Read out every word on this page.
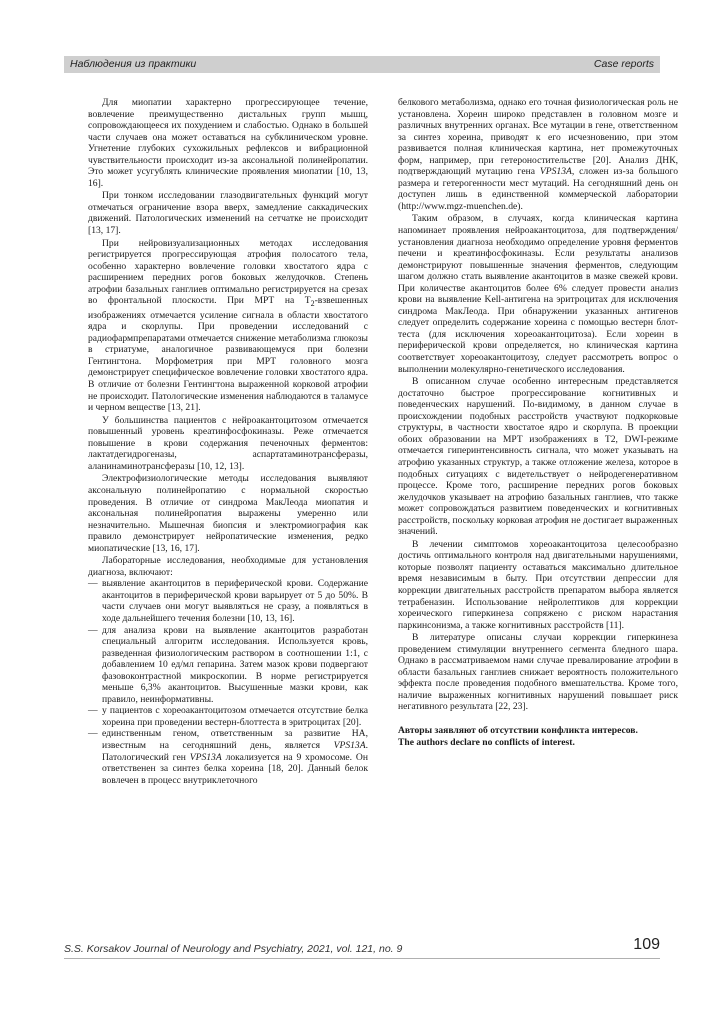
Наблюдения из практики	Case reports

Для миопатии характерно прогрессирующее течение, вовлечение преимущественно дистальных групп мышц, сопровождающееся их похудением и слабостью. Однако в большей части случаев она может оставаться на субклиническом уровне. Угнетение глубоких сухожильных рефлексов и вибрационной чувствительности происходит из-за аксональной полинейропатии. Это может усугублять клинические проявления миопатии [10, 13, 16].

При тонком исследовании глазодвигательных функций могут отмечаться ограничение взора вверх, замедление саккадических движений. Патологических изменений на сетчатке не происходит [13, 17].

При нейровизуализационных методах исследования регистрируется прогрессирующая атрофия полосатого тела, особенно характерно вовлечение головки хвостатого ядра с расширением передних рогов боковых желудочков. Степень атрофии базальных ганглиев оптимально регистрируется на срезах во фронтальной плоскости. При МРТ на $T_2$-взвешенных изображениях отмечается усиление сигнала в области хвостатого ядра и скорлупы. При проведении исследований с радиофармпрепаратами отмечается снижение метаболизма глюкозы в стриатуме, аналогичное развивающемуся при болезни Гентингтона. Морфометрия при МРТ головного мозга демонстрирует специфическое вовлечение головки хвостатого ядра. В отличие от болезни Гентингтона выраженной корковой атрофии не происходит. Патологические изменения наблюдаются в таламусе и черном веществе [13, 21].

У большинства пациентов с нейроакантоцитозом отмечается повышенный уровень креатинфосфокиназы. Реже отмечается повышение в крови содержания печеночных ферментов: лактатдегидрогеназы, аспартатаминотрансферазы, аланинаминотрансферазы [10, 12, 13].

Электрофизиологические методы исследования выявляют аксональную полинейропатию с нормальной скоростью проведения. В отличие от синдрома МакЛеода миопатия и аксональная полинейропатия выражены умеренно или незначительно. Мышечная биопсия и электромиография как правило демонстрирует нейропатические изменения, редко миопатические [13, 16, 17].

Лабораторные исследования, необходимые для установления диагноза, включают:

— выявление акантоцитов в периферической крови. Содержание акантоцитов в периферической крови варьирует от 5 до 50%. В части случаев они могут выявляться не сразу, а появляться в ходе дальнейшего течения болезни [10, 13, 16].
— для анализа крови на выявление акантоцитов разработан специальный алгоритм исследования. Используется кровь, разведенная физиологическим раствором в соотношении 1:1, с добавлением 10 ед/мл гепарина. Затем мазок крови подвергают фазовоконтрастной микроскопии. В норме регистрируется меньше 6,3% акантоцитов. Высушенные мазки крови, как правило, неинформативны.
— у пациентов с хореоакантоцитозом отмечается отсутствие белка хореина при проведении вестерн-блоттеста в эритроцитах [20].
— единственным геном, ответственным за развитие НА, известным на сегодняшний день, является VPS13A. Патологический ген VPS13A локализуется на 9 хромосоме. Он ответственен за синтез белка хореина [18, 20]. Данный белок вовлечен в процесс внутриклеточного

белкового метаболизма, однако его точная физиологическая роль не установлена. Хореин широко представлен в головном мозге и различных внутренних органах. Все мутации в гене, ответственном за синтез хореина, приводят к его исчезновению, при этом развивается полная клиническая картина, нет промежуточных форм, например, при гетероностительстве [20]. Анализ ДНК, подтверждающий мутацию гена VPS13A, сложен из-за большого размера и гетерогенности мест мутаций. На сегодняшний день он доступен лишь в единственной коммерческой лаборатории (http://www.mgz-muenchen.de).

Таким образом, в случаях, когда клиническая картина напоминает проявления нейроакантоцитоза, для подтверждения/установления диагноза необходимо определение уровня ферментов печени и креатинфосфокиназы. Если результаты анализов демонстрируют повышенные значения ферментов, следующим шагом должно стать выявление акантоцитов в мазке свежей крови. При количестве акантоцитов более 6% следует провести анализ крови на выявление Kell-антигена на эритроцитах для исключения синдрома МакЛеода. При обнаружении указанных антигенов следует определить содержание хореина с помощью вестерн блот-теста (для исключения хореоакантоцитоза). Если хореин в периферической крови определяется, но клиническая картина соответствует хореоакантоцитозу, следует рассмотреть вопрос о выполнении молекулярно-генетического исследования.

В описанном случае особенно интересным представляется достаточно быстрое прогрессирование когнитивных и поведенческих нарушений. По-видимому, в данном случае в происхождении подобных расстройств участвуют подкорковые структуры, в частности хвостатое ядро и скорлупа. В проекции обоих образовании на МРТ изображениях в T2, DWI-режиме отмечается гиперинтенсивность сигнала, что может указывать на атрофию указанных структур, а также отложение железа, которое в подобных ситуациях с видетельствует о нейродегенеративном процессе. Кроме того, расширение передних рогов боковых желудочков указывает на атрофию базальных ганглиев, что также может сопровождаться развитием поведенческих и когнитивных расстройств, поскольку корковая атрофия не достигает выраженных значений.

В лечении симптомов хореоакантоцитоза целесообразно достичь оптимального контроля над двигательными нарушениями, которые позволят пациенту оставаться максимально длительное время независимым в быту. При отсутствии депрессии для коррекции двигательных расстройств препаратом выбора является тетрабеназин. Использование нейролептиков для коррекции хореического гиперкинеза сопряжено с риском нарастания паркинсонизма, а также когнитивных расстройств [11].

В литературе описаны случаи коррекции гиперкинеза проведением стимуляции внутреннего сегмента бледного шара. Однако в рассматриваемом нами случае превалирование атрофии в области базальных ганглиев снижает вероятность положительного эффекта после проведения подобного вмешательства. Кроме того, наличие выраженных когнитивных нарушений повышает риск негативного результата [22, 23].

Авторы заявляют об отсутствии конфликта интересов.
The authors declare no conflicts of interest.

S.S. Korsakov Journal of Neurology and Psychiatry, 2021, vol. 121, no. 9	109
